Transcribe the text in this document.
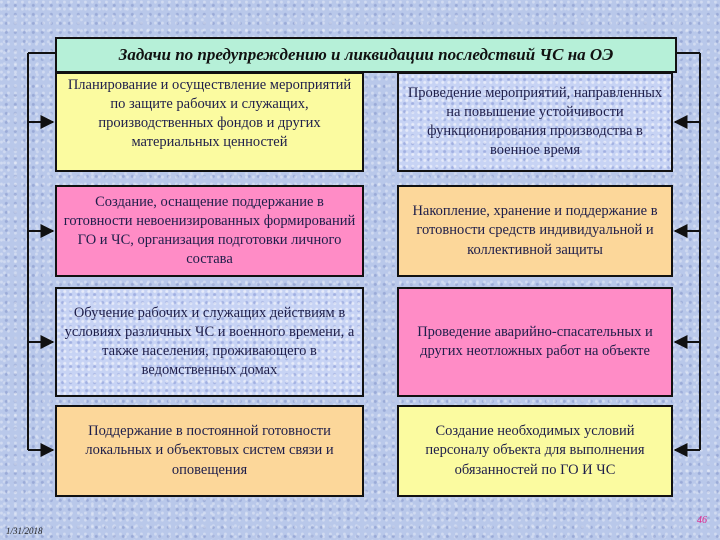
Задачи по предупреждению и ликвидации последствий ЧС на ОЭ
Планирование и осуществление мероприятий по защите рабочих и служащих, производственных фондов и других материальных ценностей
Создание, оснащение поддержание в готовности невоенизированных формирований ГО и ЧС, организация подготовки личного состава
Обучение рабочих и служащих действиям в условиях различных ЧС и военного времени, а также населения, проживающего в ведомственных домах
Поддержание в постоянной готовности локальных и объектовых систем связи и оповещения
Проведение мероприятий, направленных на повышение устойчивости функционирования производства в военное время
Накопление, хранение и поддержание в готовности средств индивидуальной и коллективной защиты
Проведение аварийно-спасательных и других неотложных работ на объекте
Создание необходимых условий персоналу объекта для выполнения обязанностей по ГО И ЧС
1/31/2018
46
